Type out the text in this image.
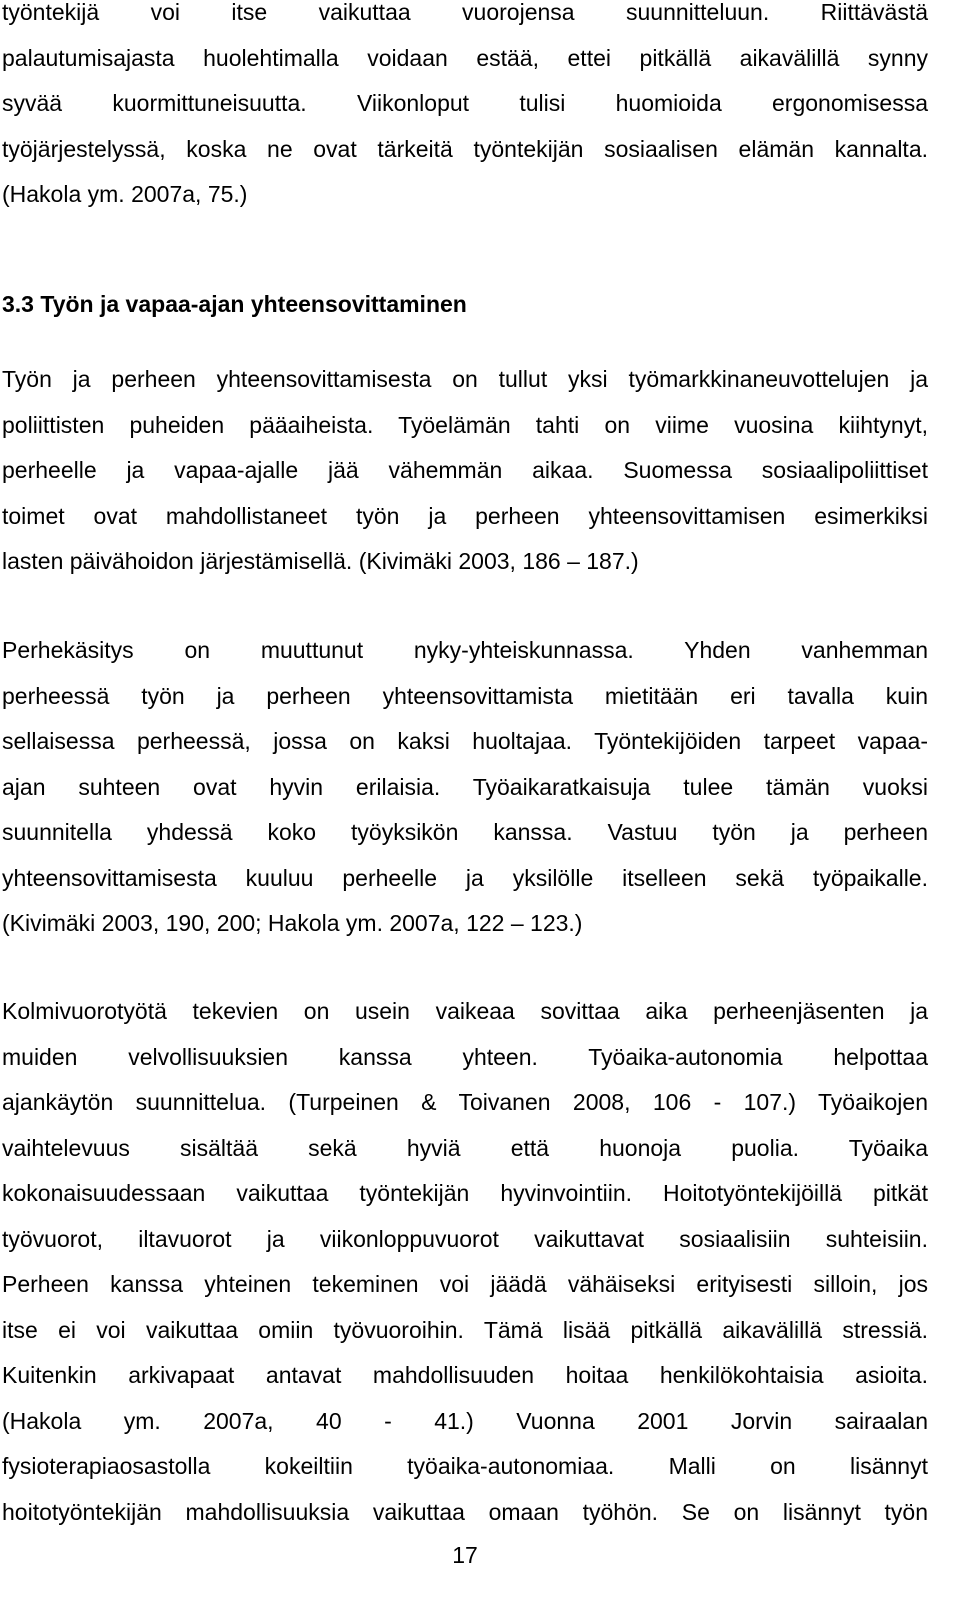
työntekijä voi itse vaikuttaa vuorojensa suunnitteluun. Riittävästä
palautumisajasta huolehtimalla voidaan estää, ettei pitkällä aikavälillä synny
syvää kuormittuneisuutta. Viikonloput tulisi huomioida ergonomisessa
työjärjestelyssä, koska ne ovat tärkeitä työntekijän sosiaalisen elämän kannalta.
(Hakola ym. 2007a, 75.)
3.3 Työn ja vapaa-ajan yhteensovittaminen
Työn ja perheen yhteensovittamisesta on tullut yksi työmarkkinaneuvottelujen ja
poliittisten puheiden pääaiheista. Työelämän tahti on viime vuosina kiihtynyt,
perheelle ja vapaa-ajalle jää vähemmän aikaa. Suomessa sosiaalipoliittiset
toimet ovat mahdollistaneet työn ja perheen yhteensovittamisen esimerkiksi
lasten päivähoidon järjestämisellä. (Kivimäki 2003, 186 – 187.)
Perhekäsitys on muuttunut nyky-yhteiskunnassa. Yhden vanhemman
perheessä työn ja perheen yhteensovittamista mietitään eri tavalla kuin
sellaisessa perheessä, jossa on kaksi huoltajaa. Työntekijöiden tarpeet vapaa-
ajan suhteen ovat hyvin erilaisia. Työaikaratkaisuja tulee tämän vuoksi
suunnitella yhdessä koko työyksikön kanssa. Vastuu työn ja perheen
yhteensovittamisesta kuuluu perheelle ja yksilölle itselleen sekä työpaikalle.
(Kivimäki 2003, 190, 200; Hakola ym. 2007a, 122 – 123.)
Kolmivuorotyötä tekevien on usein vaikeaa sovittaa aika perheenjäsenten ja
muiden velvollisuuksien kanssa yhteen. Työaika-autonomia helpottaa
ajankäytön suunnittelua. (Turpeinen & Toivanen 2008, 106 - 107.) Työaikojen
vaihtelevuus sisältää sekä hyviä että huonoja puolia. Työaika
kokonaisuudessaan vaikuttaa työntekijän hyvinvointiin. Hoitotyöntekijöillä pitkät
työvuorot, iltavuorot ja viikonloppuvuorot vaikuttavat sosiaalisiin suhteisiin.
Perheen kanssa yhteinen tekeminen voi jäädä vähäiseksi erityisesti silloin, jos
itse ei voi vaikuttaa omiin työvuoroihin. Tämä lisää pitkällä aikavälillä stressiä.
Kuitenkin arkivapaat antavat mahdollisuuden hoitaa henkilökohtaisia asioita.
(Hakola ym. 2007a, 40 - 41.) Vuonna 2001 Jorvin sairaalan
fysioterapiaosastolla kokeiltiin työaika-autonomiaa. Malli on lisännyt
hoitotyöntekijän mahdollisuuksia vaikuttaa omaan työhön. Se on lisännyt työn
17
